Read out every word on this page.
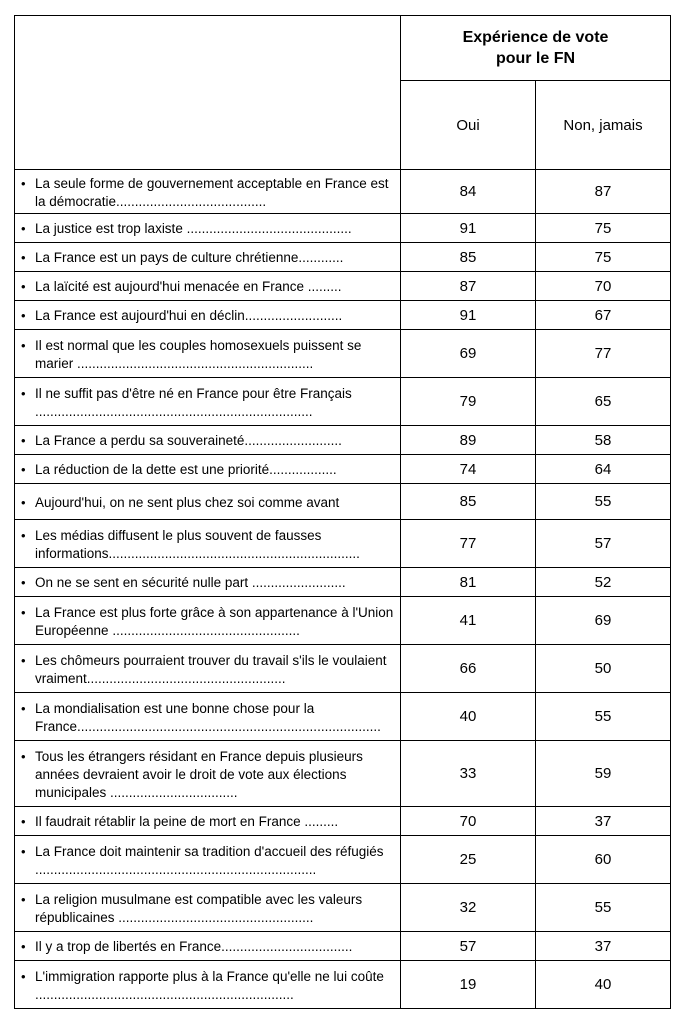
	Expérience de vote
pour le FN	
	Oui	Non, jamais

• La seule forme de gouvernement acceptable en France est la démocratie........................................	84	87

• La justice est trop laxiste ............................................	91	75

• La France est un pays de culture chrétienne............	85	75

• La laïcité est aujourd'hui menacée en France .........	87	70

• La France est aujourd'hui en déclin..........................	91	67

• Il est normal que les couples homosexuels puissent se marier ...............................................................	69	77

• Il ne suffit pas d'être né en France pour être Français ..........................................................................	79	65

• La France a perdu sa souveraineté..........................	89	58

• La réduction de la dette est une priorité..................	74	64

• Aujourd'hui, on ne sent plus chez soi comme avant	85	55

• Les médias diffusent le plus souvent de fausses informations...................................................................	77	57

• On ne se sent en sécurité nulle part .........................	81	52

• La France est plus forte grâce à son appartenance à l'Union Européenne ..................................................	41	69

• Les chômeurs pourraient trouver du travail s'ils le voulaient vraiment.....................................................	66	50

• La mondialisation est une bonne chose pour la France.................................................................................	40	55

• Tous les étrangers résidant en France depuis plusieurs années devraient avoir le droit de vote aux élections municipales ..................................	33	59

• Il faudrait rétablir la peine de mort en France .........	70	37

• La France doit maintenir sa tradition d'accueil des réfugiés ...........................................................................	25	60

• La religion musulmane est compatible avec les valeurs républicaines ....................................................	32	55

• Il y a trop de libertés en France...................................	57	37

• L'immigration rapporte plus à la France qu'elle ne lui coûte .....................................................................	19	40
